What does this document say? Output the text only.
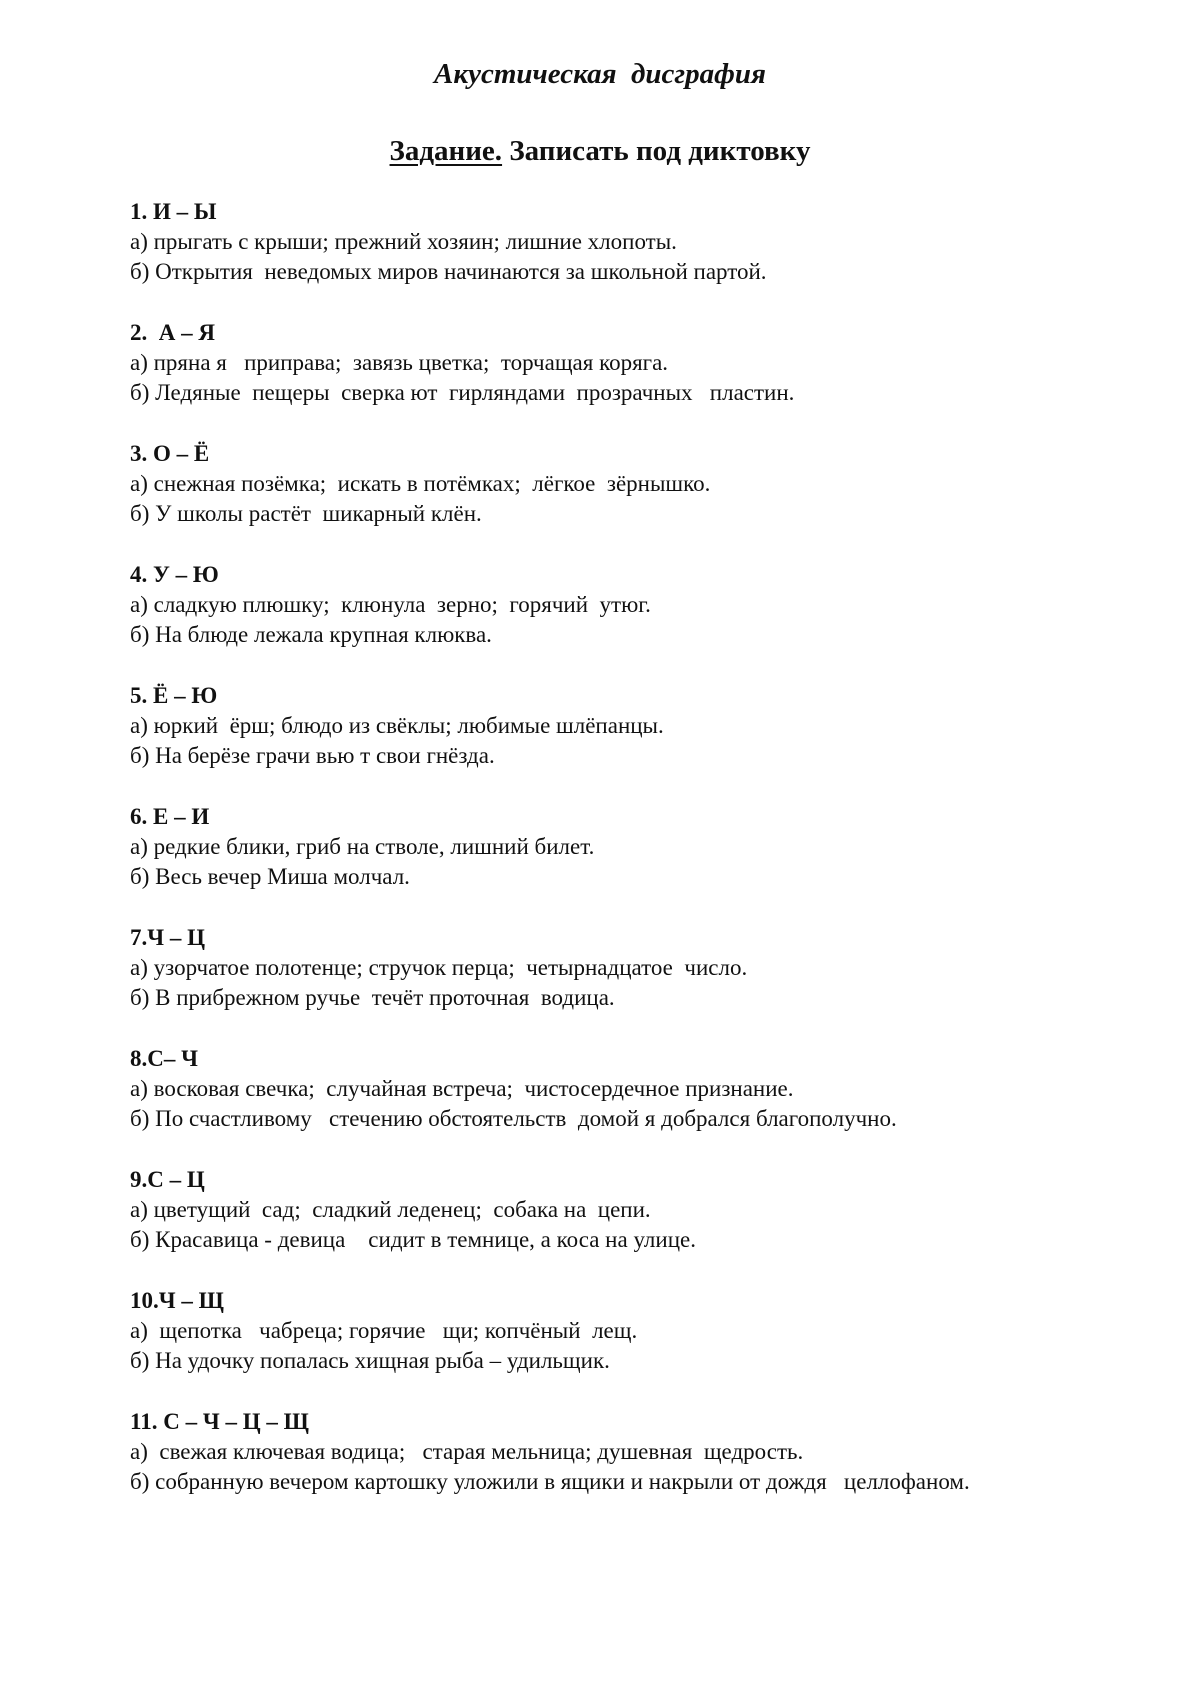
Акустическая  дисграфия
Задание. Записать под диктовку
1. И – Ы
а) прыгать с крыши; прежний хозяин; лишние хлопоты.
б) Открытия  неведомых миров начинаются за школьной партой.
2.  А – Я
а) пряна я   приправа;  завязь цветка;  торчащая коряга.
б) Ледяные  пещеры  сверка ют  гирляндами  прозрачных   пластин.
3. О – Ё
а) снежная позёмка;  искать в потёмках;  лёгкое  зёрнышко.
б) У школы растёт  шикарный клён.
4. У – Ю
а) сладкую плюшку;  клюнула  зерно;  горячий  утюг.
б) На блюде лежала крупная клюква.
5. Ё – Ю
а) юркий  ёрш; блюдо из свёклы; любимые шлёпанцы.
б) На берёзе грачи вью т свои гнёзда.
6. Е – И
а) редкие блики, гриб на стволе, лишний билет.
б) Весь вечер Миша молчал.
7.Ч – Ц
а) узорчатое полотенце; стручок перца;  четырнадцатое  число.
б) В прибрежном ручье  течёт проточная  водица.
8.С– Ч
а) восковая свечка;  случайная встреча;  чистосердечное признание.
б) По счастливому   стечению обстоятельств  домой я добрался благополучно.
9.С – Ц
а) цветущий  сад;  сладкий леденец;  собака на  цепи.
б) Красавица - девица    сидит в темнице, а коса на улице.
10.Ч – Щ
а)  щепотка   чабреца; горячие   щи; копчёный  лещ.
б) На удочку попалась хищная рыба – удильщик.
11. С – Ч – Ц – Щ
а)  свежая ключевая водица;   старая мельница; душевная  щедрость.
б) собранную вечером картошку уложили в ящики и накрыли от дождя   целлофаном.
